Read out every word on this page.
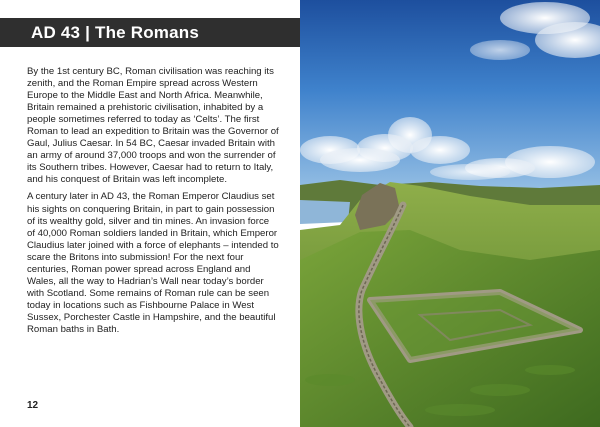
AD 43 | The Romans

By the 1st century BC, Roman civilisation was reaching its zenith, and the Roman Empire spread across Western Europe to the Middle East and North Africa. Meanwhile, Britain remained a prehistoric civilisation, inhabited by a people sometimes referred to today as ‘Celts’. The first Roman to lead an expedition to Britain was the Governor of Gaul, Julius Caesar. In 54 BC, Caesar invaded Britain with an army of around 37,000 troops and won the surrender of its Southern tribes. However, Caesar had to return to Italy, and his conquest of Britain was left incomplete.

A century later in AD 43, the Roman Emperor Claudius set his sights on conquering Britain, in part to gain possession of its wealthy gold, silver and tin mines. An invasion force of 40,000 Roman soldiers landed in Britain, which Emperor Claudius later joined with a force of elephants – intended to scare the Britons into submission! For the next four centuries, Roman power spread across England and Wales, all the way to Hadrian’s Wall near today’s border with Scotland. Some remains of Roman rule can be seen today in locations such as Fishbourne Palace in West Sussex, Porchester Castle in Hampshire, and the beautiful Roman baths in Bath.

12
